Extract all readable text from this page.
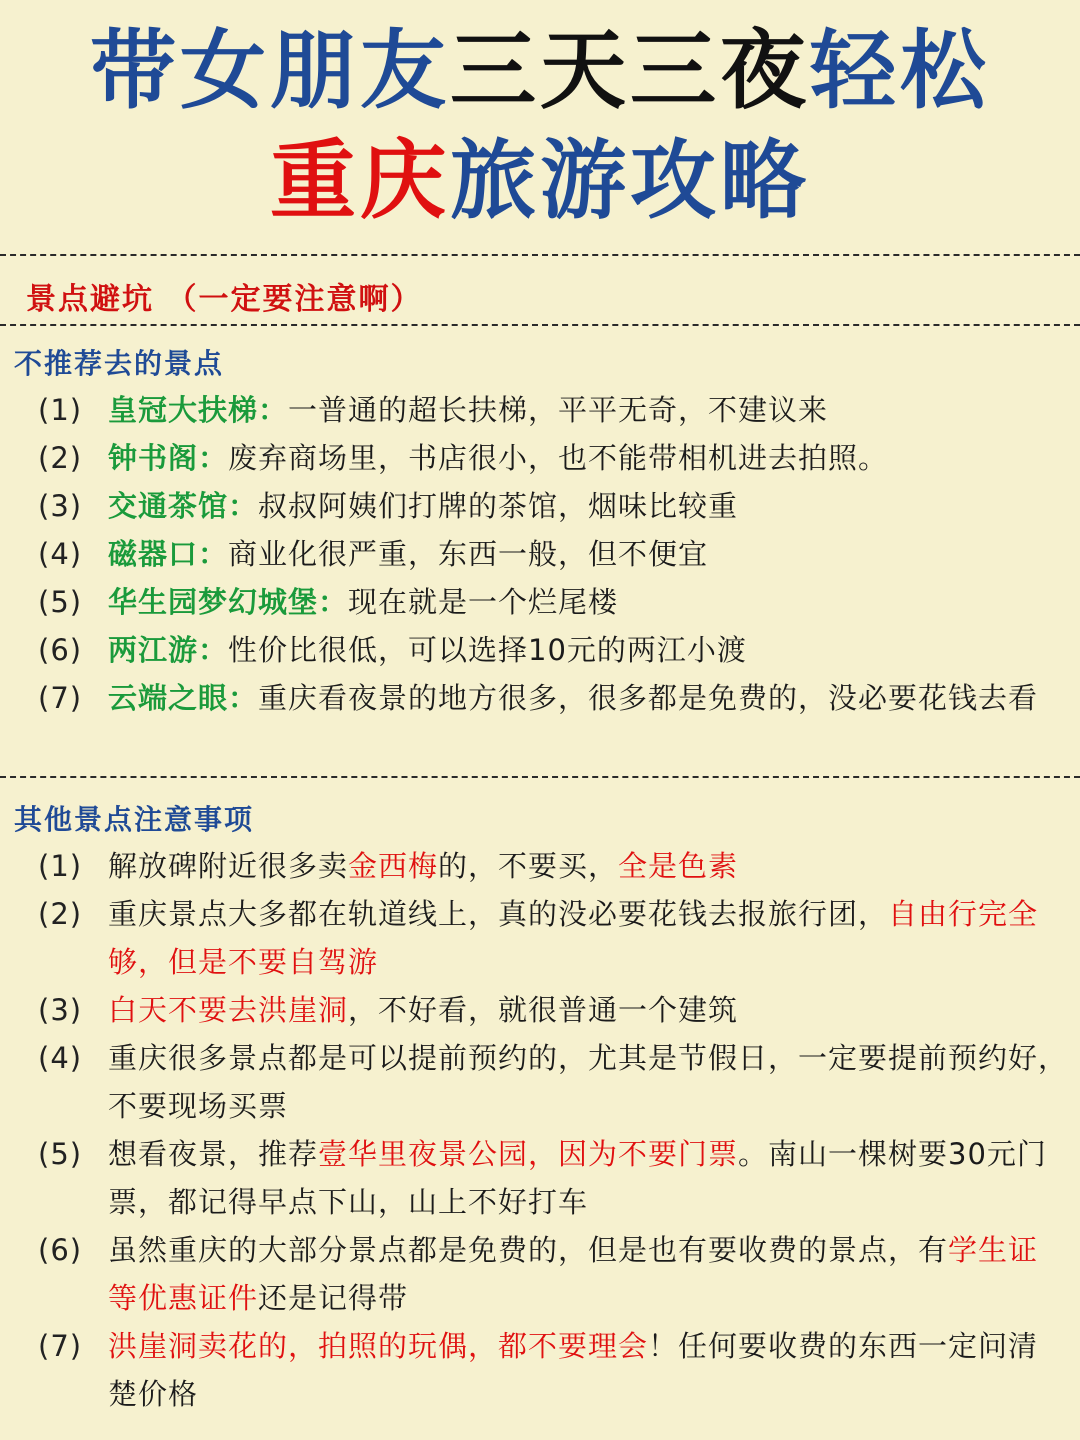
带女朋友三天三夜轻松
重庆旅游攻略
景点避坑 （一定要注意啊）
不推荐去的景点
(1) 皇冠大扶梯：一普通的超长扶梯，平平无奇，不建议来
(2) 钟书阁：废弃商场里，书店很小，也不能带相机进去拍照。
(3) 交通茶馆：叔叔阿姨们打牌的茶馆，烟味比较重
(4) 磁器口：商业化很严重，东西一般，但不便宜
(5) 华生园梦幻城堡：现在就是一个烂尾楼
(6) 两江游：性价比很低，可以选择10元的两江小渡
(7) 云端之眼：重庆看夜景的地方很多，很多都是免费的，没必要花钱去看
其他景点注意事项
(1) 解放碑附近很多卖金西梅的，不要买，全是色素
(2) 重庆景点大多都在轨道线上，真的没必要花钱去报旅行团，自由行完全够，但是不要自驾游
(3) 白天不要去洪崖洞，不好看，就很普通一个建筑
(4) 重庆很多景点都是可以提前预约的，尤其是节假日，一定要提前预约好，不要现场买票
(5) 想看夜景，推荐壹华里夜景公园，因为不要门票。南山一棵树要30元门票，都记得早点下山，山上不好打车
(6) 虽然重庆的大部分景点都是免费的，但是也有要收费的景点，有学生证等优惠证件还是记得带
(7) 洪崖洞卖花的，拍照的玩偶，都不要理会！任何要收费的东西一定问清楚价格
